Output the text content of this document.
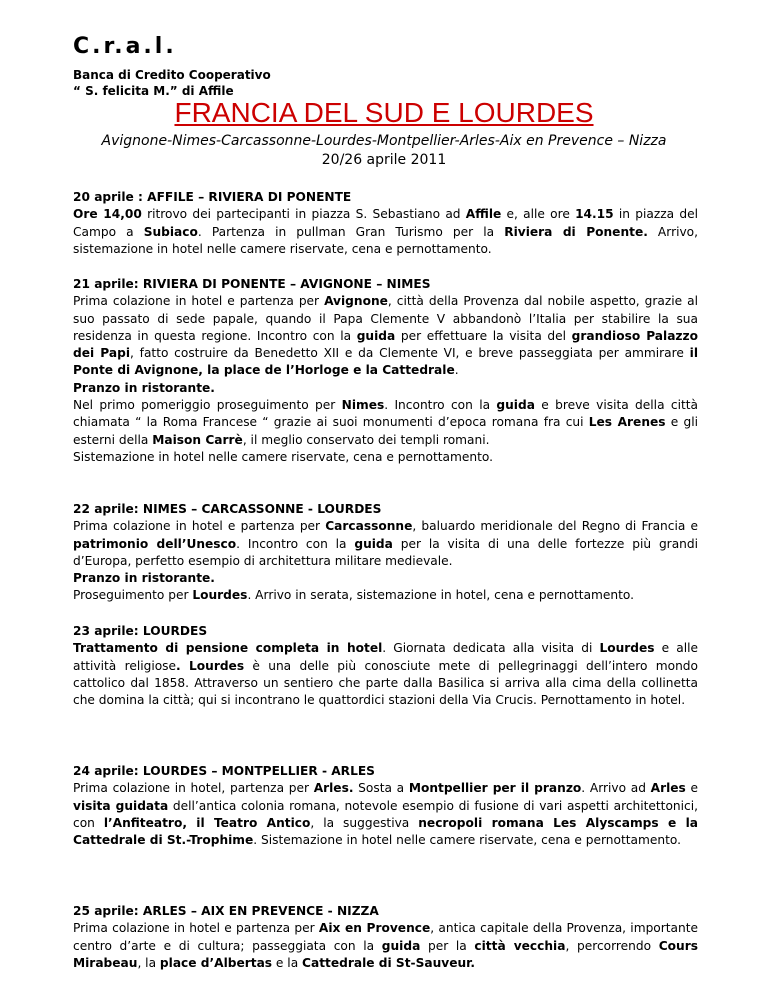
C.r.a.l.
Banca di Credito Cooperativo
“ S. felicita M.” di Affile
FRANCIA DEL SUD E LOURDES
Avignone-Nimes-Carcassonne-Lourdes-Montpellier-Arles-Aix en Prevence – Nizza
20/26 aprile 2011

20 aprile : AFFILE – RIVIERA DI PONENTE

Ore 14,00 ritrovo dei partecipanti in piazza S. Sebastiano ad Affile e, alle ore 14.15 in piazza del Campo a Subiaco. Partenza in pullman Gran Turismo per la Riviera di Ponente. Arrivo, sistemazione in hotel nelle camere riservate, cena e pernottamento.

21 aprile: RIVIERA DI PONENTE – AVIGNONE – NIMES

Prima colazione in hotel e partenza per Avignone, città della Provenza dal nobile aspetto, grazie al suo passato di sede papale, quando il Papa Clemente V abbandonò l’Italia per stabilire la sua residenza in questa regione. Incontro con la guida per effettuare la visita del grandioso Palazzo dei Papi, fatto costruire da Benedetto XII e da Clemente VI, e breve passeggiata per ammirare il Ponte di Avignone, la place de l’Horloge e la Cattedrale.

Pranzo in ristorante.

Nel primo pomeriggio proseguimento per Nimes. Incontro con la guida e breve visita della città chiamata “ la Roma Francese “ grazie ai suoi monumenti d’epoca romana fra cui Les Arenes e gli esterni della Maison Carrè, il meglio conservato dei templi romani.

Sistemazione in hotel nelle camere riservate, cena e pernottamento.

22 aprile: NIMES – CARCASSONNE - LOURDES

Prima colazione in hotel e partenza per Carcassonne, baluardo meridionale del Regno di Francia e patrimonio dell’Unesco. Incontro con la guida per la visita di una delle fortezze più grandi d’Europa, perfetto esempio di architettura militare medievale.

Pranzo in ristorante.

Proseguimento per Lourdes. Arrivo in serata, sistemazione in hotel, cena e pernottamento.

23 aprile: LOURDES

Trattamento di pensione completa in hotel. Giornata dedicata alla visita di Lourdes e alle attività religiose. Lourdes è una delle più conosciute mete di pellegrinaggi dell’intero mondo cattolico dal 1858. Attraverso un sentiero che parte dalla Basilica si arriva alla cima della collinetta che domina la città; qui si incontrano le quattordici stazioni della Via Crucis. Pernottamento in hotel.

24 aprile: LOURDES – MONTPELLIER - ARLES

Prima colazione in hotel, partenza per Arles. Sosta a Montpellier per il pranzo. Arrivo ad Arles e visita guidata dell’antica colonia romana, notevole esempio di fusione di vari aspetti architettonici, con l’Anfiteatro, il Teatro Antico, la suggestiva necropoli romana Les Alyscamps e la Cattedrale di St.-Trophime. Sistemazione in hotel nelle camere riservate, cena e pernottamento.

25 aprile: ARLES – AIX EN PREVENCE - NIZZA

Prima colazione in hotel e partenza per Aix en Provence, antica capitale della Provenza, importante centro d’arte e di cultura; passeggiata con la guida per la città vecchia, percorrendo Cours Mirabeau, la place d’Albertas e la Cattedrale di St-Sauveur.
